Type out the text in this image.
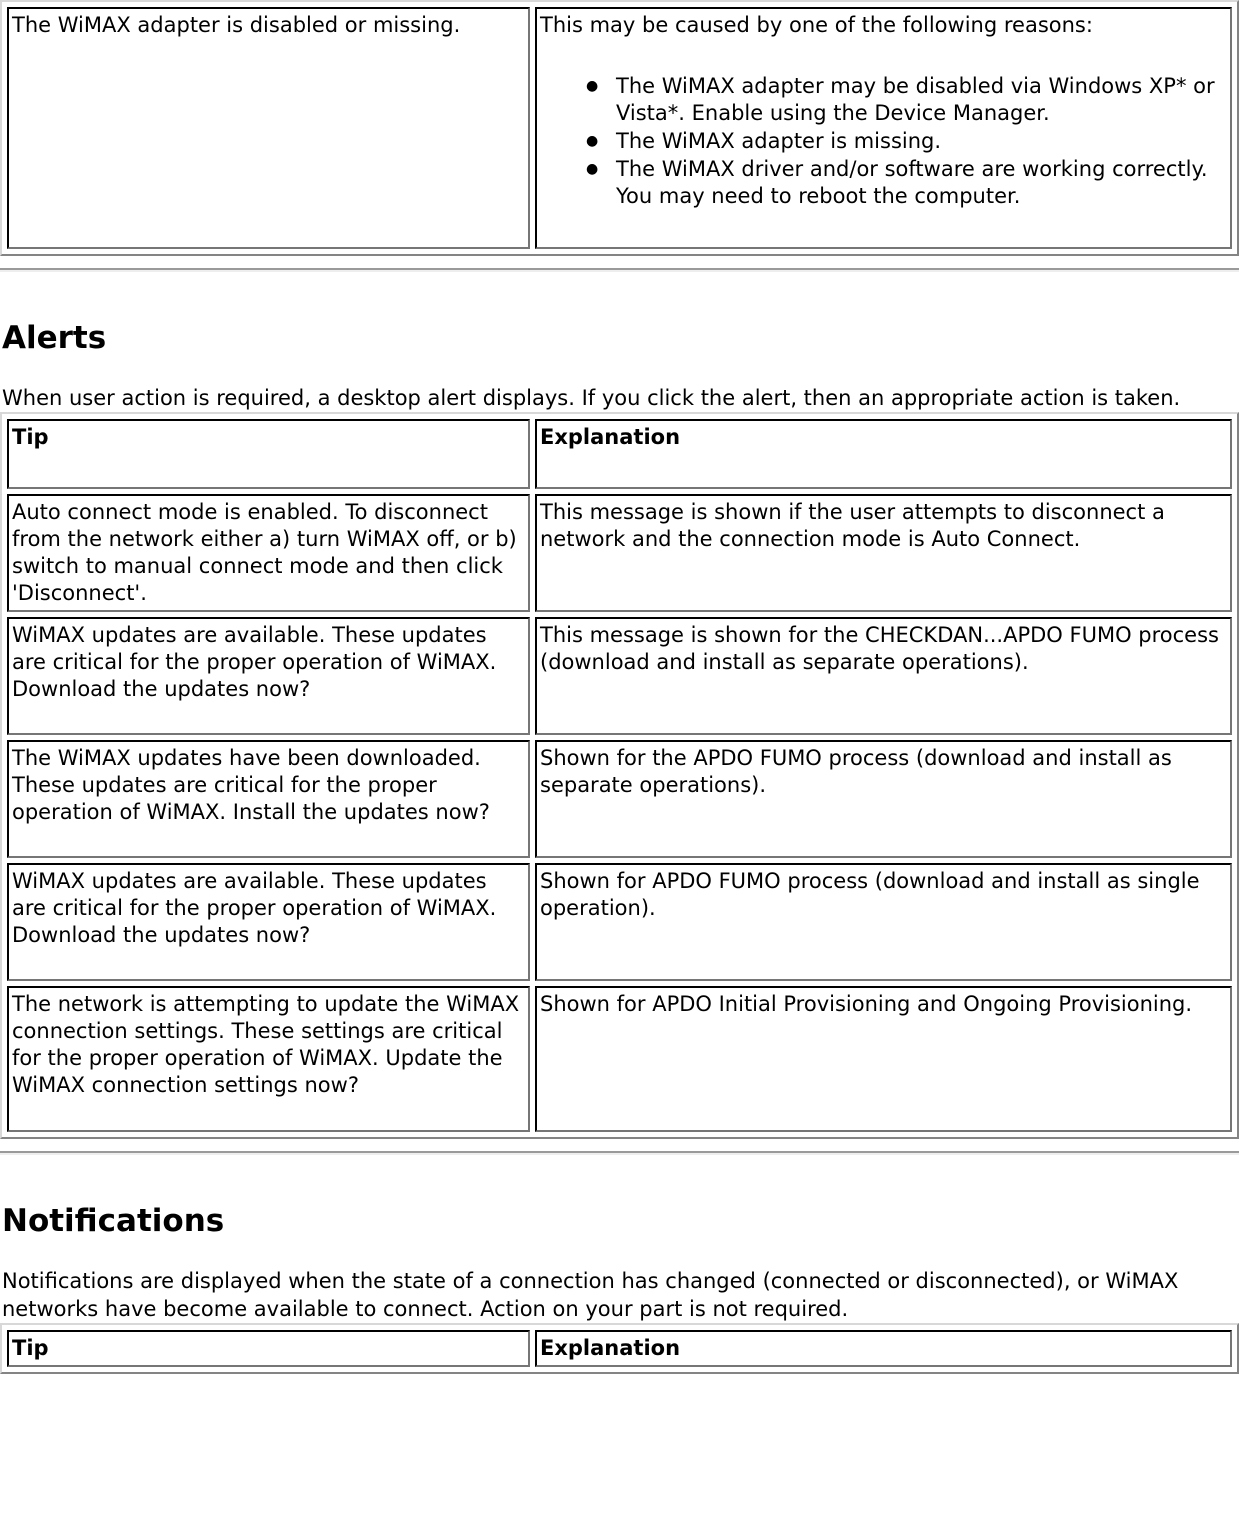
The WiMAX adapter is disabled or missing.	This may be caused by one of the following reasons:
● The WiMAX adapter may be disabled via Windows XP* or Vista*. Enable using the Device Manager.
● The WiMAX adapter is missing.
● The WiMAX driver and/or software are working correctly. You may need to reboot the computer.
Alerts

When user action is required, a desktop alert displays. If you click the alert, then an appropriate action is taken.

Tip	Explanation
Auto connect mode is enabled. To disconnect from the network either a) turn WiMAX off, or b) switch to manual connect mode and then click 'Disconnect'.	This message is shown if the user attempts to disconnect a network and the connection mode is Auto Connect.
WiMAX updates are available. These updates are critical for the proper operation of WiMAX. Download the updates now?	This message is shown for the CHECKDAN...APDO FUMO process (download and install as separate operations).
The WiMAX updates have been downloaded. These updates are critical for the proper operation of WiMAX. Install the updates now?	Shown for the APDO FUMO process (download and install as separate operations).
WiMAX updates are available. These updates are critical for the proper operation of WiMAX. Download the updates now?	Shown for APDO FUMO process (download and install as single operation).
The network is attempting to update the WiMAX connection settings. These settings are critical for the proper operation of WiMAX. Update the WiMAX connection settings now?	Shown for APDO Initial Provisioning and Ongoing Provisioning.
Notifications

Notifications are displayed when the state of a connection has changed (connected or disconnected), or WiMAX networks have become available to connect. Action on your part is not required.

Tip	Explanation
